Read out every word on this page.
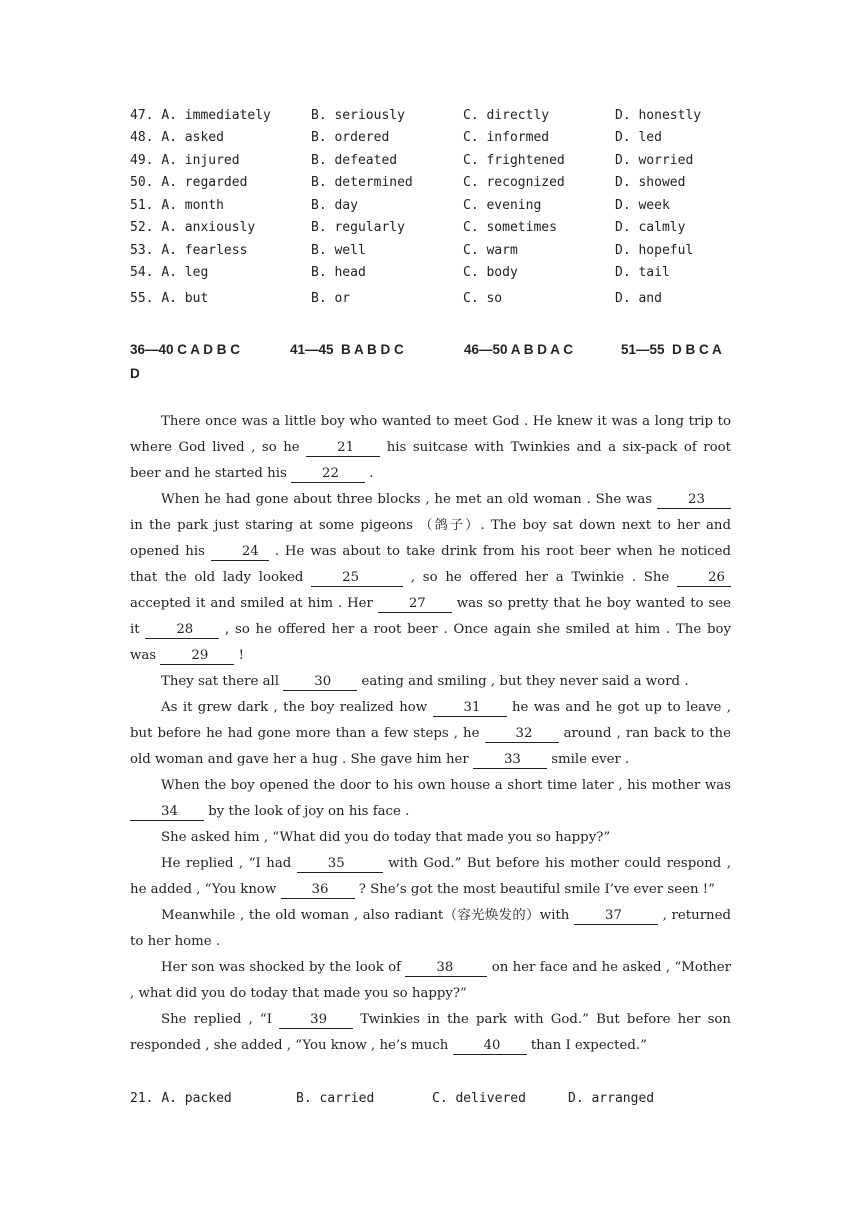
47. A. immediately	B. seriously	C. directly	D. honestly
48. A. asked	B. ordered	C. informed	D. led
49. A. injured	B. defeated	C. frightened	D. worried
50. A. regarded	B. determined	C. recognized	D. showed
51. A. month	B. day	C. evening	D. week
52. A. anxiously	B. regularly	C. sometimes	D. calmly
53. A. fearless	B. well	C. warm	D. hopeful
54. A. leg	B. head	C. body	D. tail
55. A. but	B. or	C. so	D. and
36—40 C A D B C	41—45  B A B D C	46—50 A B D A C	51—55  D B C A
D

There once was a little boy who wanted to meet God . He knew it was a long trip to where God lived , so he 21 his suitcase with Twinkies and a six-pack of root beer and he started his 22 .

When he had gone about three blocks , he met an old woman . She was 23 in the park just staring at some pigeons （鸽子）. The boy sat down next to her and opened his 24 . He was about to take drink from his root beer when he noticed that the old lady looked 25	, so he offered her a Twinkie . She 26 accepted it and smiled at him . Her 27 was so pretty that he boy wanted to see it 28 , so he offered her a root beer . Once again she smiled at him . The boy was 29 !

They sat there all 30 eating and smiling , but they never said a word .

As it grew dark , the boy realized how 31 he was and he got up to leave , but before he had gone more than a few steps , he 32 around , ran back to the old woman and gave her a hug . She gave him her 33 smile ever .

When the boy opened the door to his own house a short time later , his mother was 34 by the look of joy on his face .

She asked him , “What did you do today that made you so happy?”

He replied , “I had 35	with God.” But before his mother could respond , he added , “You know 36 ? She’s got the most beautiful smile I’ve ever seen !”

Meanwhile , the old woman , also radiant（容光焕发的）with 37	, returned to her home .

Her son was shocked by the look of 38	on her face and he asked , “Mother , what did you do today that made you so happy?”

She replied , “I 39 Twinkies in the park with God.” But before her son responded , she added , “You know , he’s much 40 than I expected.”

21. A. packed	B. carried	C. delivered	D. arranged
